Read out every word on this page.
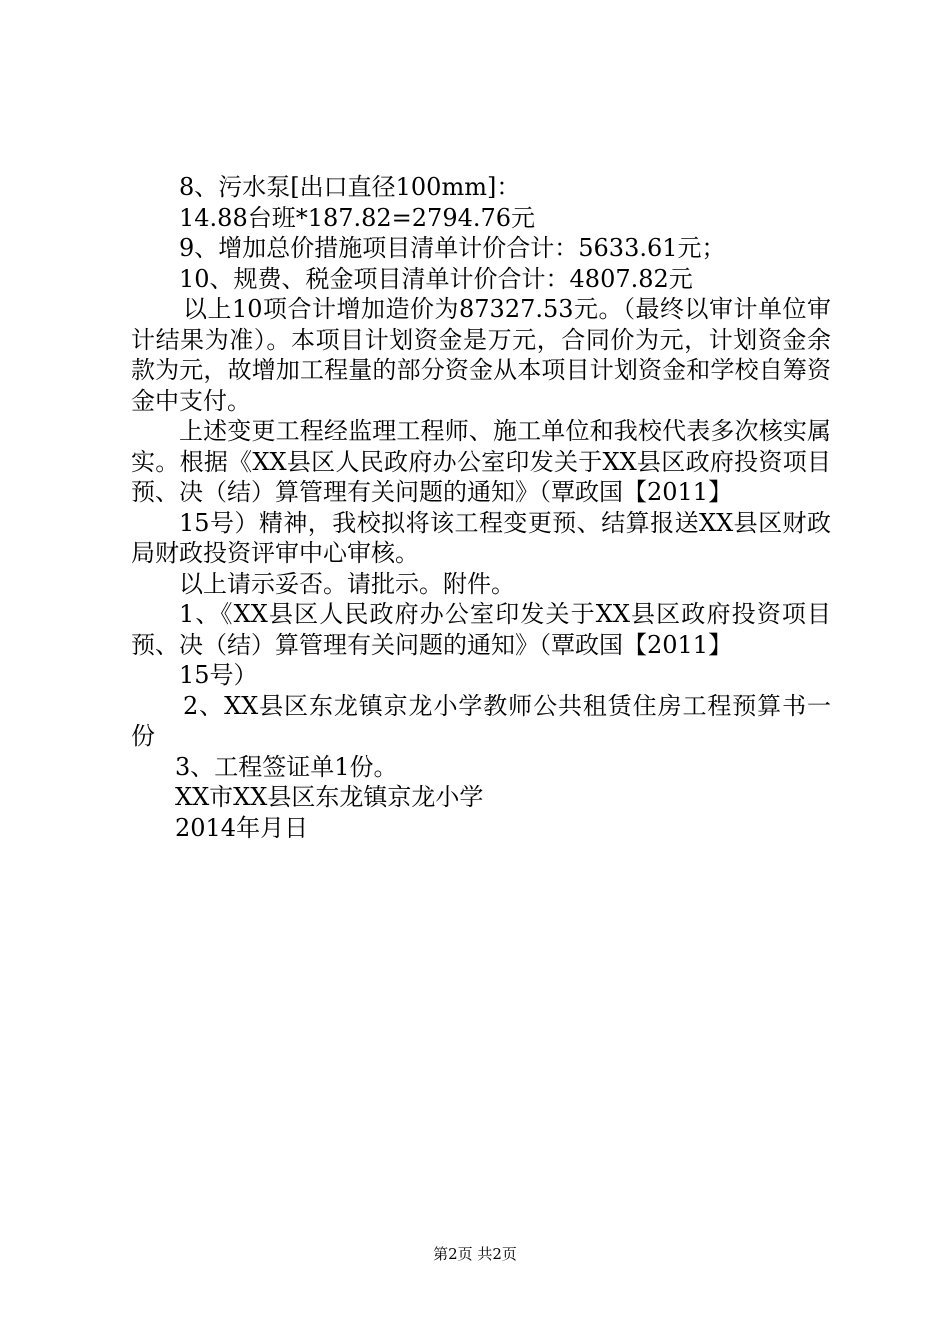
8、污水泵[出口直径100mm]：

14.88台班*187.82=2794.76元

9、增加总价措施项目清单计价合计：5633.61元；

10、规费、税金项目清单计价合计：4807.82元

以上10项合计增加造价为87327.53元。（最终以审计单位审计结果为准）。本项目计划资金是万元，合同价为元，计划资金余款为元，故增加工程量的部分资金从本项目计划资金和学校自筹资金中支付。

上述变更工程经监理工程师、施工单位和我校代表多次核实属实。根据《XX县区人民政府办公室印发关于XX县区政府投资项目预、决（结）算管理有关问题的通知》（覃政国【2011】

15号）精神，我校拟将该工程变更预、结算报送XX县区财政局财政投资评审中心审核。

以上请示妥否。请批示。附件。

1、《XX县区人民政府办公室印发关于XX县区政府投资项目预、决（结）算管理有关问题的通知》（覃政国【2011】

15号）

2、XX县区东龙镇京龙小学教师公共租赁住房工程预算书一份

3、工程签证单1份。

XX市XX县区东龙镇京龙小学

2014年月日

第2页 共2页
